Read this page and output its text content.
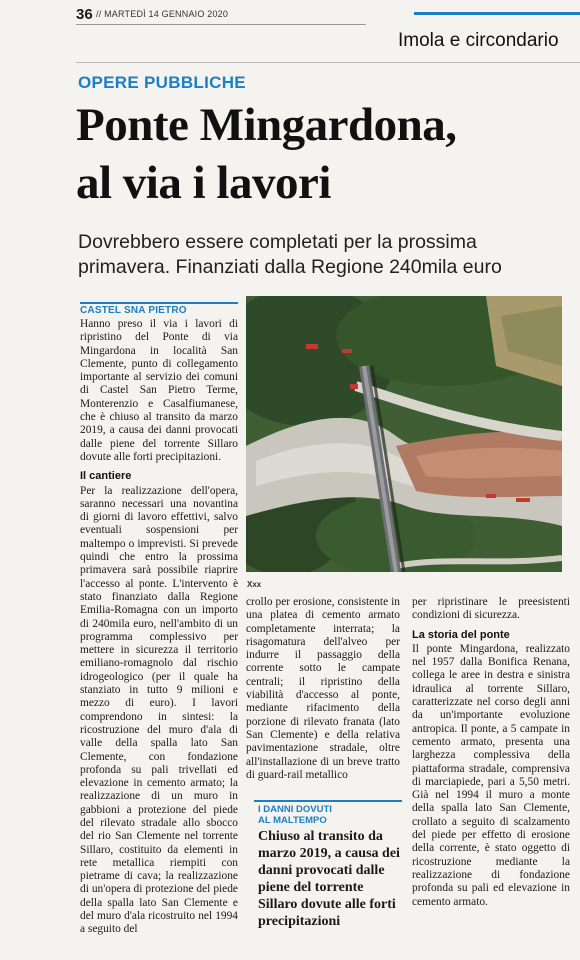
36 // MARTEDÌ 14 GENNAIO 2020
Imola e circondario
OPERE PUBBLICHE
Ponte Mingardona,
al via i lavori
Dovrebbero essere completati per la prossima primavera. Finanziati dalla Regione 240mila euro
CASTEL SNA PIETRO

Hanno preso il via i lavori di ripristino del Ponte di via Mingardona in località San Clemente, punto di collegamento importante al servizio dei comuni di Castel San Pietro Terme, Monterenzio e Casalfiumanese, che è chiuso al transito da marzo 2019, a causa dei danni provocati dalle piene del torrente Sillaro dovute alle forti precipitazioni.

Il cantiere

Per la realizzazione dell'opera, saranno necessari una novantina di giorni di lavoro effettivi, salvo eventuali sospensioni per maltempo o imprevisti. Si prevede quindi che entro la prossima primavera sarà possibile riaprire l'accesso al ponte. L'intervento è stato finanziato dalla Regione Emilia-Romagna con un importo di 240mila euro, nell'ambito di un programma complessivo per mettere in sicurezza il territorio emiliano-romagnolo dal rischio idrogeologico (per il quale ha stanziato in tutto 9 milioni e mezzo di euro). I lavori comprendono in sintesi: la ricostruzione del muro d'ala di valle della spalla lato San Clemente, con fondazione profonda su pali trivellati ed elevazione in cemento armato; la realizzazione di un muro in gabbioni a protezione del piede del rilevato stradale allo sbocco del rio San Clemente nel torrente Sillaro, costituito da elementi in rete metallica riempiti con pietrame di cava; la realizzazione di un'opera di protezione del piede della spalla lato San Clemente e del muro d'ala ricostruito nel 1994 a seguito del

Xxx

crollo per erosione, consistente in una platea di cemento armato completamente interrata; la risagomatura dell'alveo per indurre il passaggio della corrente sotto le campate centrali; il ripristino della viabilità d'accesso al ponte, mediante rifacimento della porzione di rilevato franata (lato San Clemente) e della relativa pavimentazione stradale, oltre all'installazione di un breve tratto di guard-rail metallico

I DANNI DOVUTI
AL MALTEMPO
Chiuso al transito da marzo 2019, a causa dei danni provocati dalle piene del torrente Sillaro dovute alle forti precipitazioni

per ripristinare le preesistenti condizioni di sicurezza.

La storia del ponte

Il ponte Mingardona, realizzato nel 1957 dalla Bonifica Renana, collega le aree in destra e sinistra idraulica al torrente Sillaro, caratterizzate nel corso degli anni da un'importante evoluzione antropica. Il ponte, a 5 campate in cemento armato, presenta una larghezza complessiva della piattaforma stradale, comprensiva di marciapiede, pari a 5,50 metri. Già nel 1994 il muro a monte della spalla lato San Clemente, crollato a seguito di scalzamento del piede per effetto di erosione della corrente, è stato oggetto di ricostruzione mediante la realizzazione di fondazione profonda su pali ed elevazione in cemento armato.
